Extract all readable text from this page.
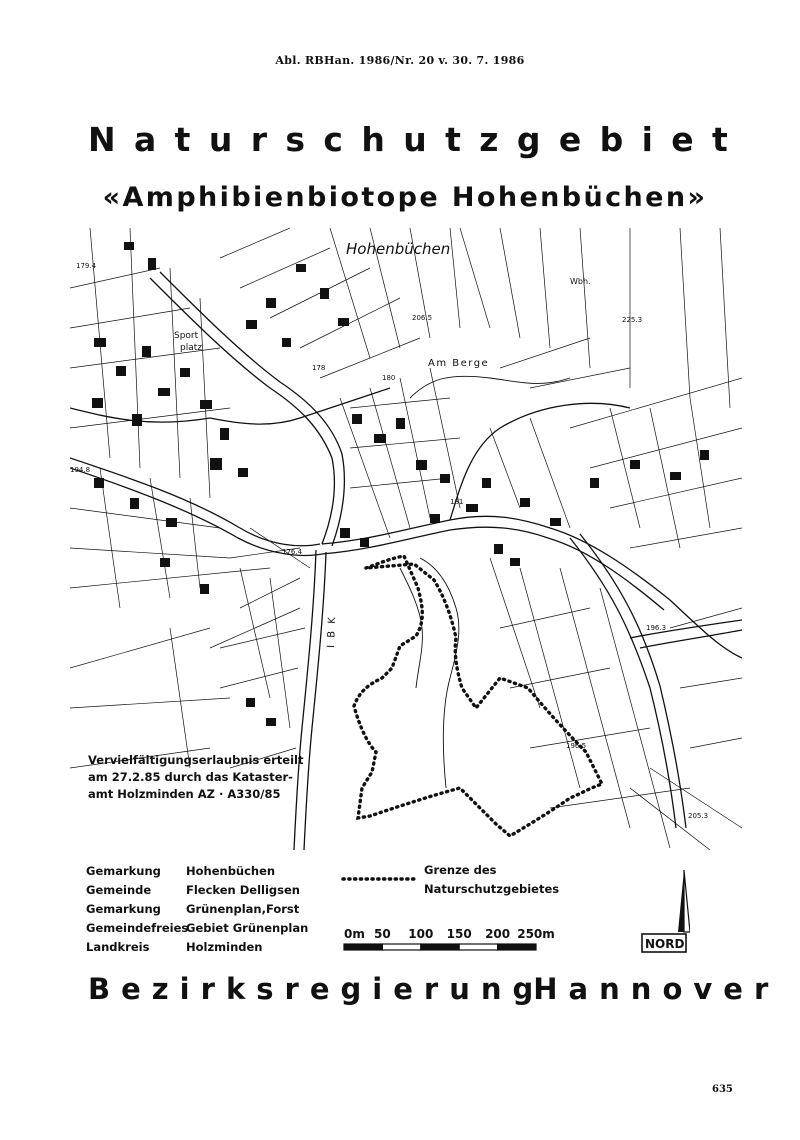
Abl. RBHan. 1986/Nr. 20 v. 30. 7. 1986
N a t u r s c h u t z g e b i e t
«Amphibienbiotope Hohenbüchen»
Hohenbüchen
Am Berge
Sport
platz
Wbh.
I B K
179.4
206.5
178
180
181
176.4
194.8
225.3
196.5
196.3
205.3
Vervielfältigungserlaubnis erteilt
am 27.2.85 durch das Kataster-
amt Holzminden AZ · A330/85
Gemarkung
Gemeinde
Gemarkung
Gemeindefreies
Landkreis
Hohenbüchen
Flecken Delligsen
Grünenplan,Forst
Gebiet Grünenplan
Holzminden
Grenze des
Naturschutzgebietes
0m 50 100 150 200 250m
NORD
B e z i r k s r e g i e r u n g H a n n o v e r
635
